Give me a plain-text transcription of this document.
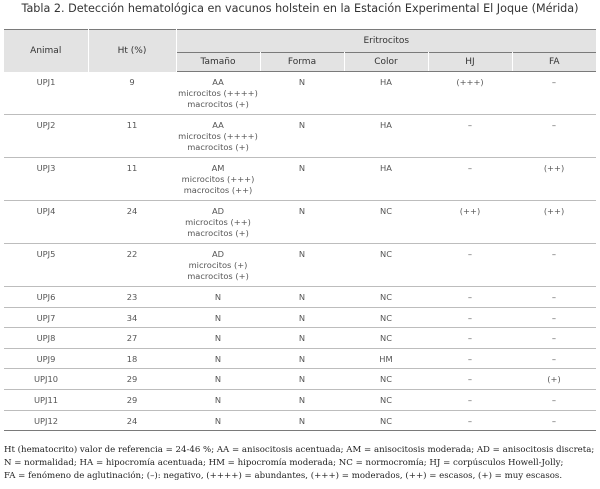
Tabla 2. Detección hematológica en vacunos holstein en la Estación Experimental El Joque (Mérida)
Animal	Ht (%)	Eritrocitos				
		Tamaño	Forma	Color	HJ	FA
UPJ1	9	AA
microcitos (++++)
macrocitos (+)	N	HA	(+++)	–
UPJ2	11	AA
microcitos (++++)
macrocitos (+)	N	HA	–	–
UPJ3	11	AM
microcitos (+++)
macrocitos (++)	N	HA	–	(++)
UPJ4	24	AD
microcitos (++)
macrocitos (+)	N	NC	(++)	(++)
UPJ5	22	AD
microcitos (+)
macrocitos (+)	N	NC	–	–
UPJ6	23	N	N	NC	–	–
UPJ7	34	N	N	NC	–	–
UPJ8	27	N	N	NC	–	–
UPJ9	18	N	N	HM	–	–
UPJ10	29	N	N	NC	–	(+)
UPJ11	29	N	N	NC	–	–
UPJ12	24	N	N	NC	–	–
Ht (hematocrito) valor de referencia = 24-46 %; AA = anisocitosis acentuada; AM = anisocitosis moderada; AD = anisocitosis discreta;
N = normalidad; HA = hipocromía acentuada; HM = hipocromía moderada; NC = normocromía; HJ = corpúsculos Howell-Jolly;
FA = fenómeno de aglutinación; (–): negativo, (++++) = abundantes, (+++) = moderados, (++) = escasos, (+) = muy escasos.
